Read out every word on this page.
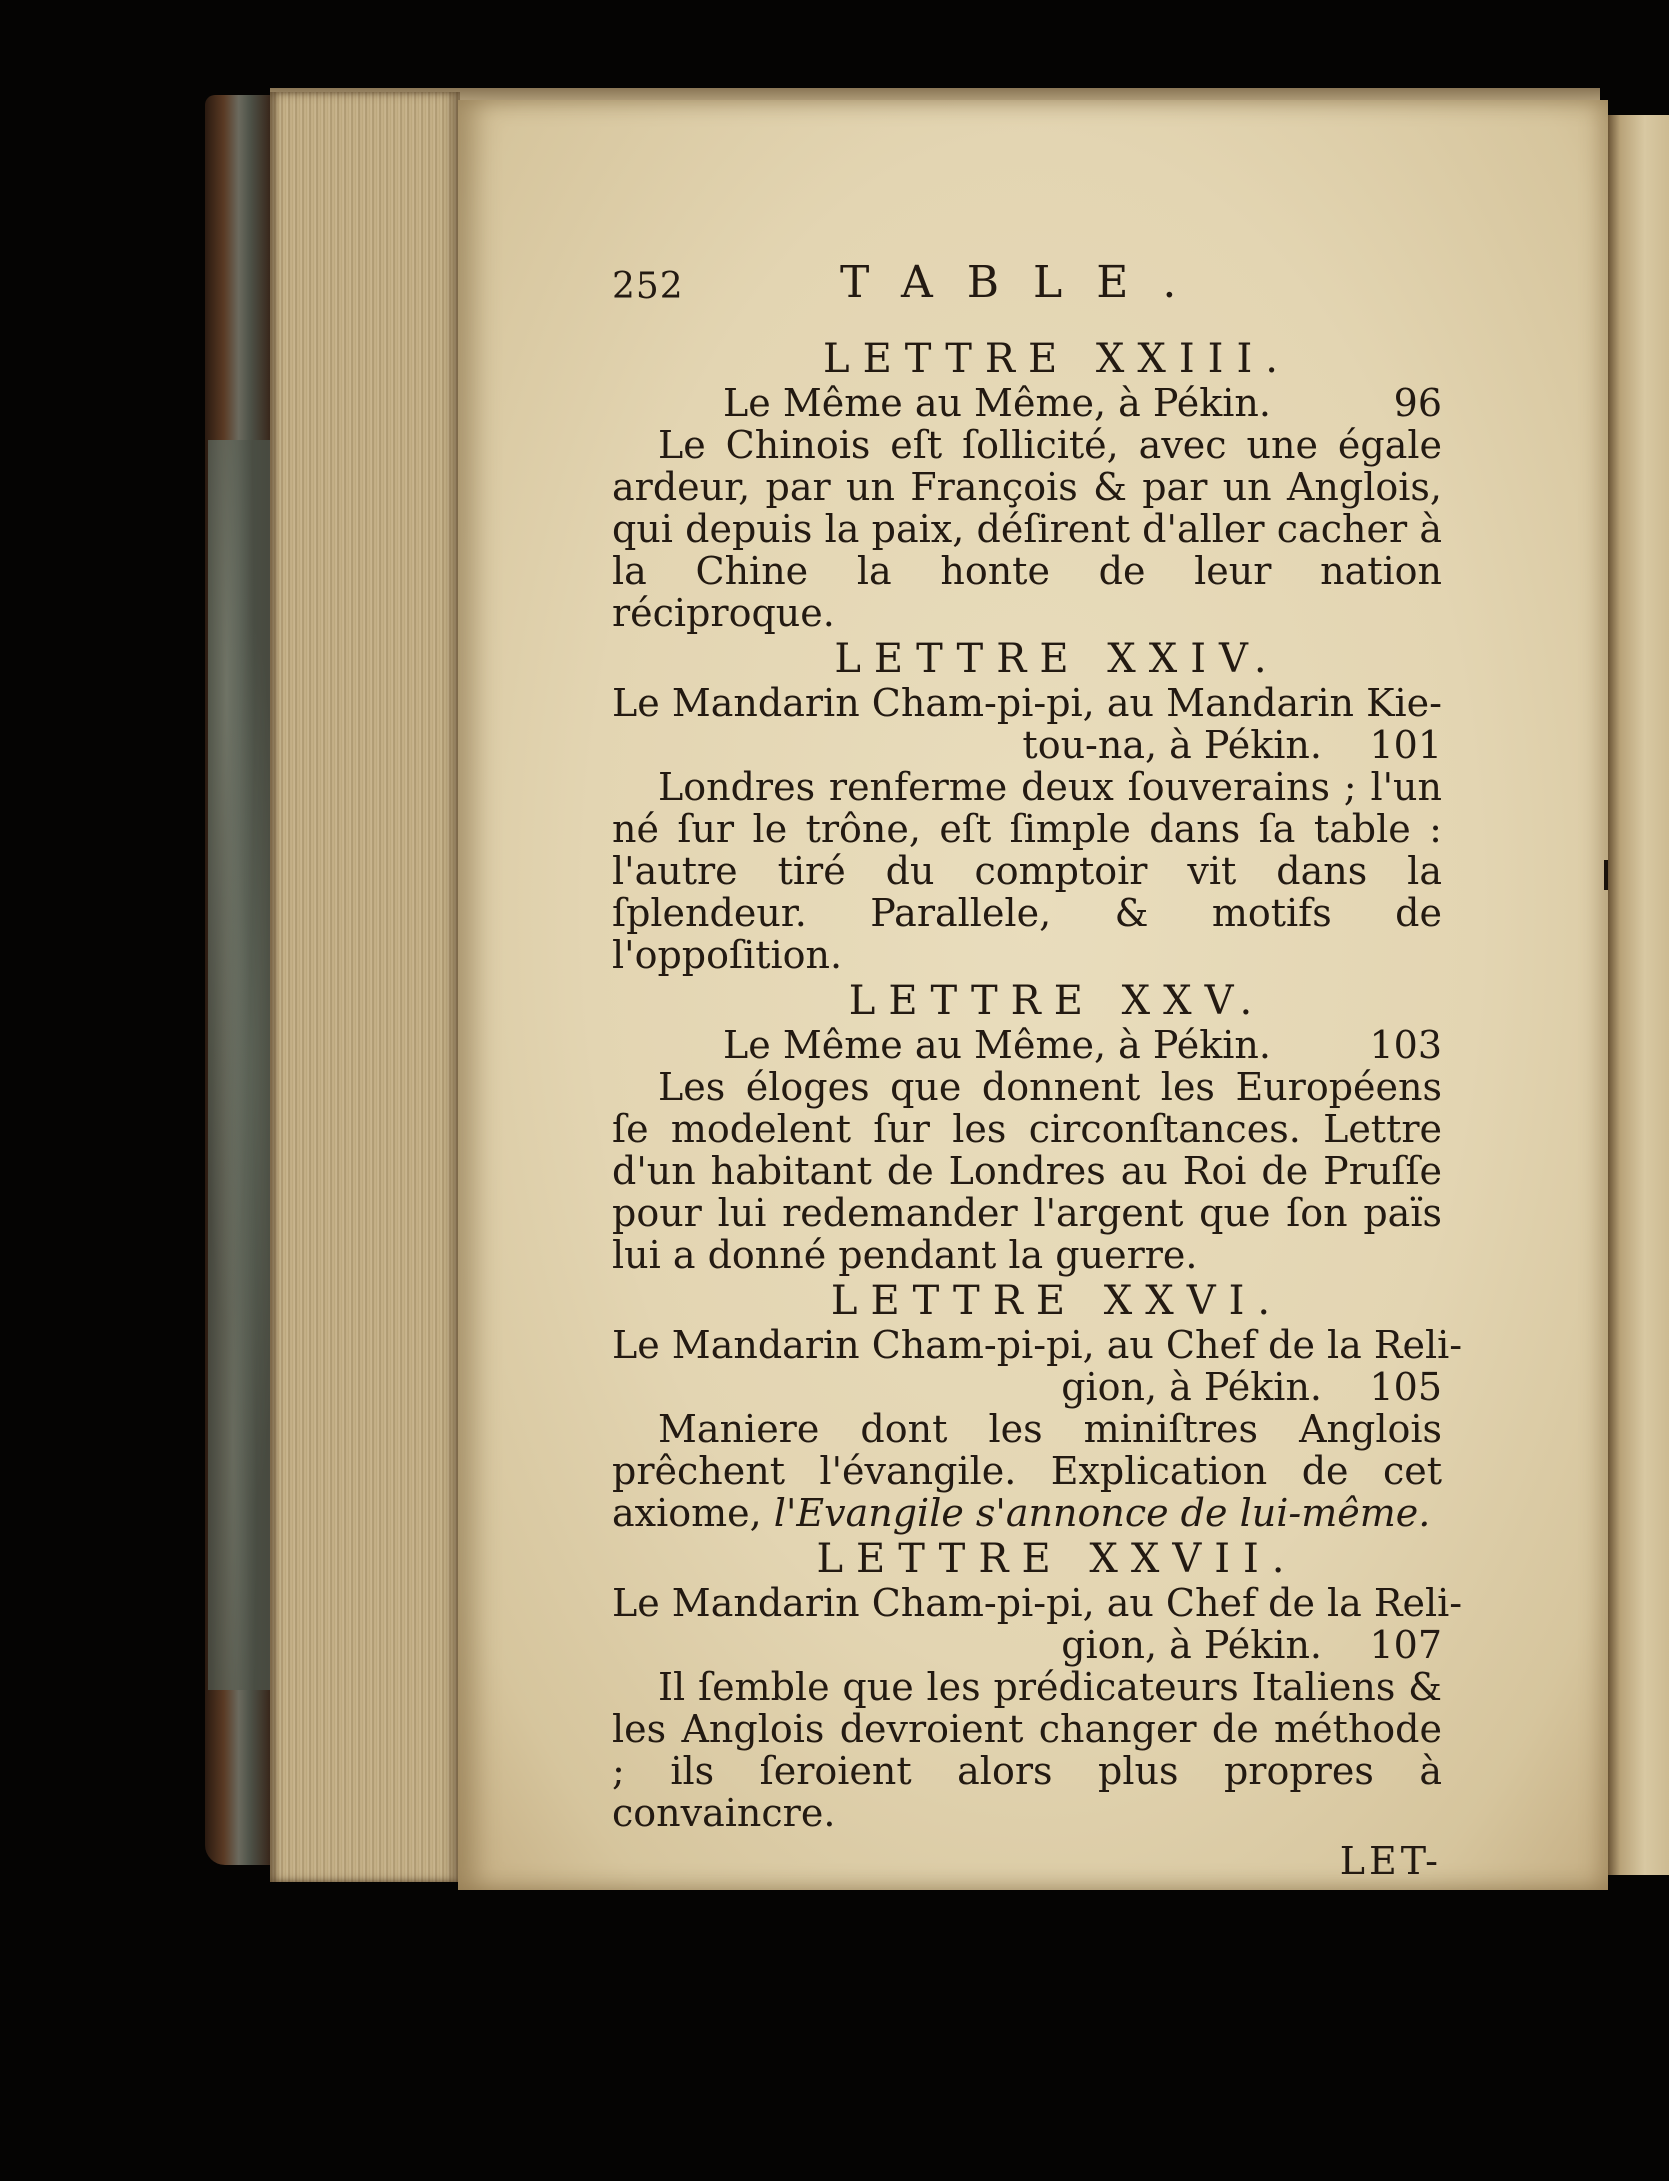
252	TABLE.
LETTRE XXIII.
Le Même au Même, à Pékin.	96
Le Chinois eſt ſollicité, avec une égale ardeur, par un François & par un Anglois, qui depuis la paix, déſirent d'aller cacher à la Chine la honte de leur nation réciproque.
LETTRE XXIV.
Le Mandarin Cham-pi-pi, au Mandarin Kie-
tou-na, à Pékin. 101
Londres renferme deux ſouverains ; l'un né ſur le trône, eſt ſimple dans ſa table : l'autre tiré du comptoir vit dans la ſplendeur. Parallele, & motifs de l'oppoſition.
LETTRE XXV.
Le Même au Même, à Pékin.	103
Les éloges que donnent les Européens ſe modelent ſur les circonſtances. Lettre d'un habitant de Londres au Roi de Pruſſe pour lui redemander l'argent que ſon païs lui a donné pendant la guerre.
LETTRE XXVI.
Le Mandarin Cham-pi-pi, au Chef de la Reli-
gion, à Pékin. 105
Maniere dont les miniſtres Anglois prêchent l'évangile. Explication de cet axiome, l'Evangile s'annonce de lui-même.
LETTRE XXVII.
Le Mandarin Cham-pi-pi, au Chef de la Reli-
gion, à Pékin. 107
Il ſemble que les prédicateurs Italiens & les Anglois devroient changer de méthode ; ils ſeroient alors plus propres à convaincre.
LET-
